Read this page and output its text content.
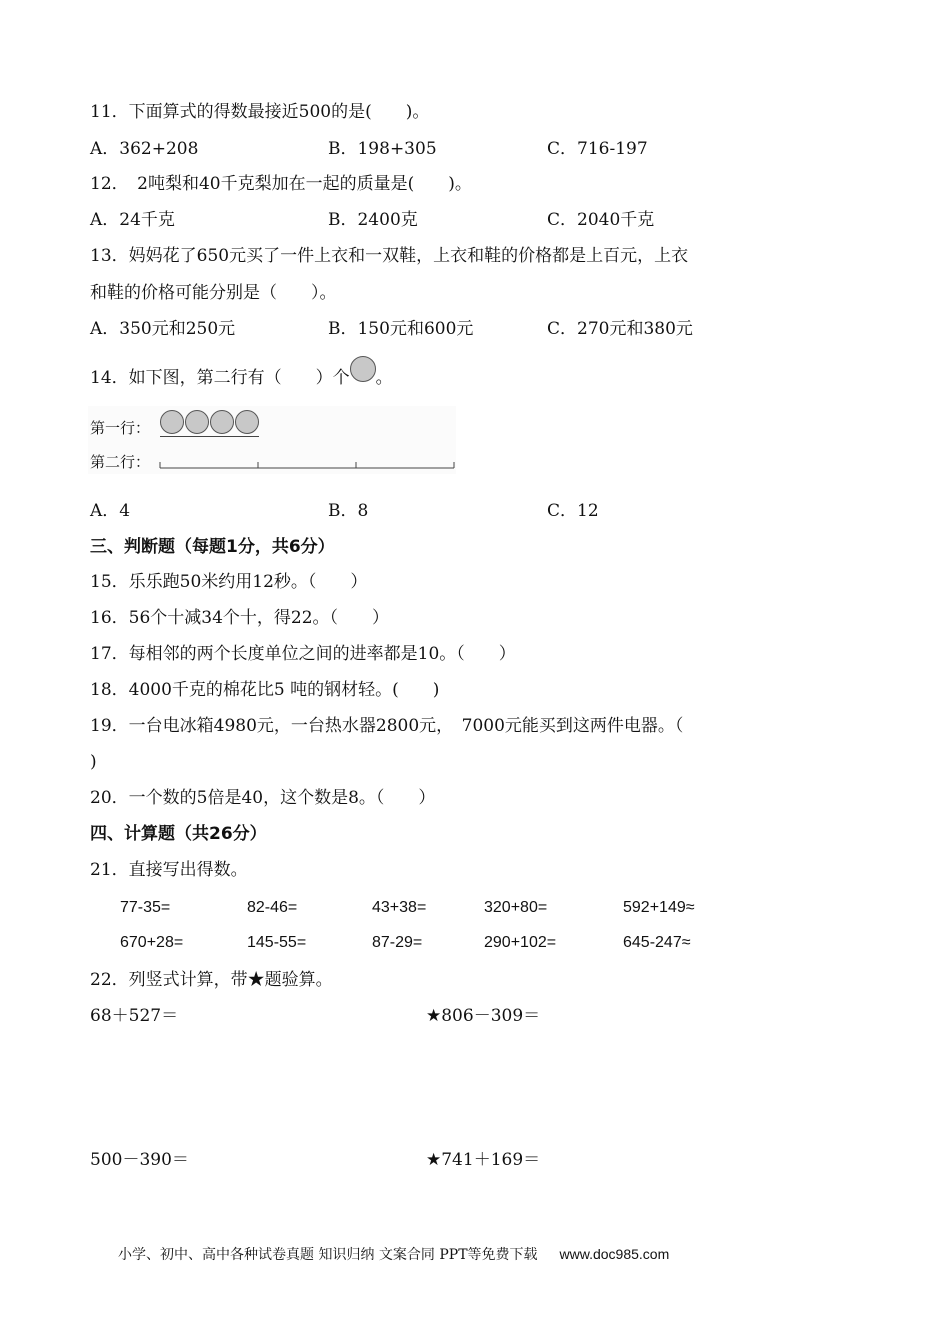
11．下面算式的得数最接近500的是(　　)。
A．362+208	B．198+305	C．716-197
12．　2吨梨和40千克梨加在一起的质量是(　　)。
A．24千克	B．2400克	C．2040千克
13．妈妈花了650元买了一件上衣和一双鞋，上衣和鞋的价格都是上百元，上衣
和鞋的价格可能分别是（　　）。
A．350元和250元	B．150元和600元	C．270元和380元
14．如下图，第二行有（　　）个 。
第一行：
第二行：
A．4	B．8	C．12
三、判断题（每题1分，共6分）
15．乐乐跑50米约用12秒。（　　）
16．56个十减34个十，得22。（　　）
17．每相邻的两个长度单位之间的进率都是10。（　　）
18．4000千克的棉花比5 吨的钢材轻。(　　)
19．一台电冰箱4980元，一台热水器2800元，　7000元能买到这两件电器。（
)
20．一个数的5倍是40，这个数是8。（　　）
四、计算题（共26分）
21．直接写出得数。
77-35=	82-46=	43+38=	320+80=	592+149≈
670+28=	145-55=	87-29=	290+102=	645-247≈
22．列竖式计算，带★题验算。
68＋527＝	★806－309＝
500－390＝	★741＋169＝
小学、初中、高中各种试卷真题 知识归纳 文案合同 PPT等免费下载 www.doc985.com
